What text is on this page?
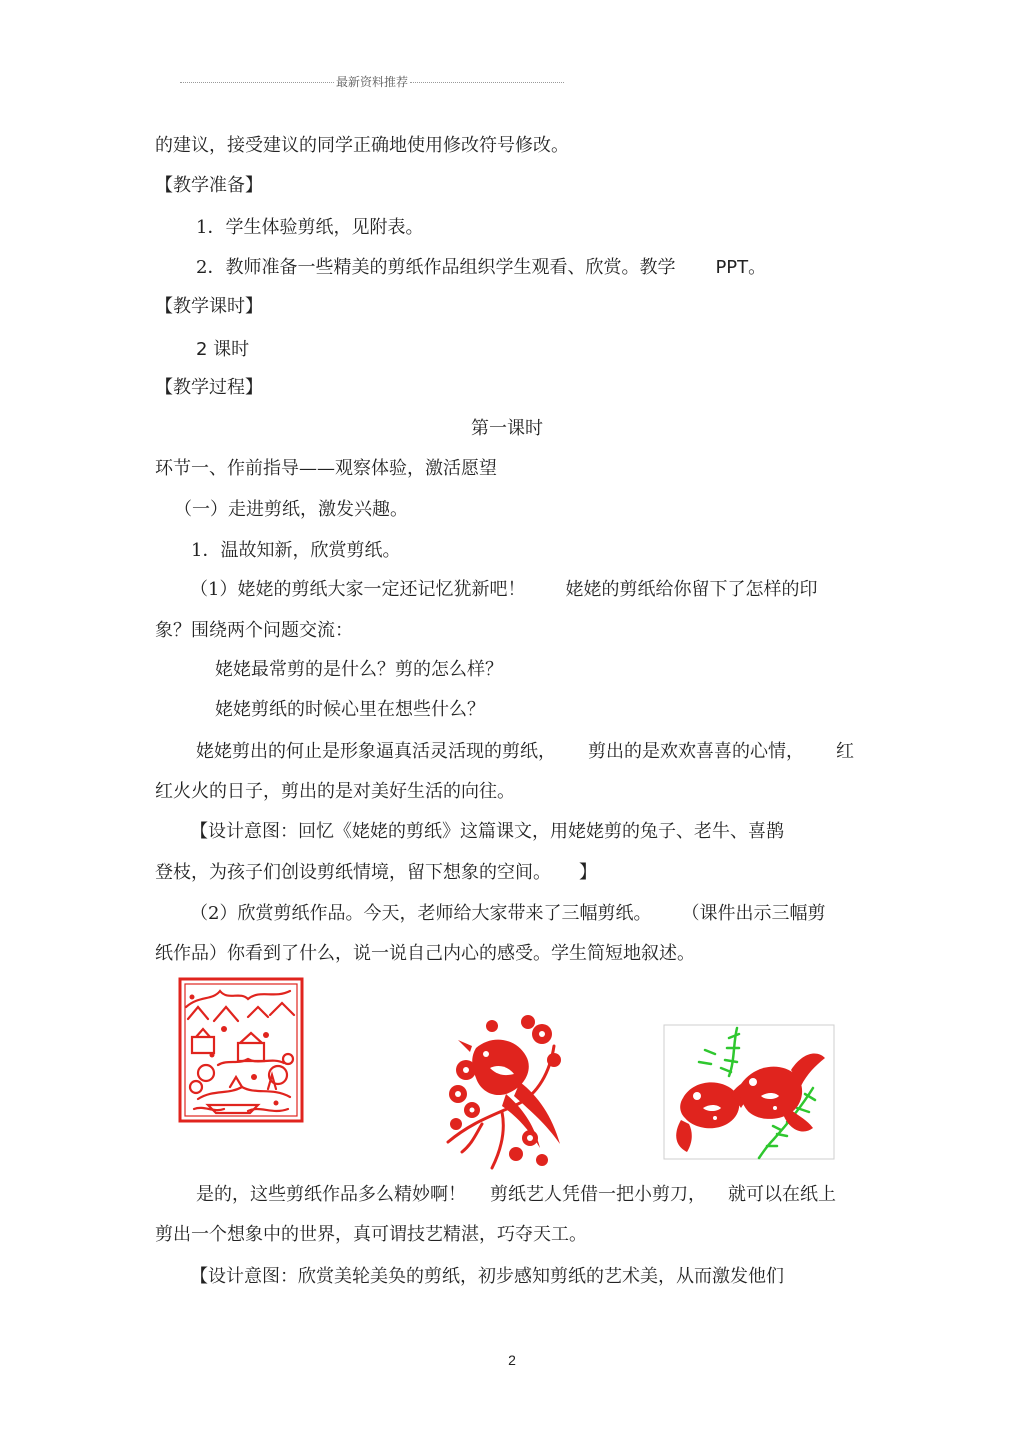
最新资料推荐
的建议，接受建议的同学正确地使用修改符号修改。
【教学准备】
1．学生体验剪纸，见附表。
2．教师准备一些精美的剪纸作品组织学生观看、欣赏。教学 PPT。
【教学课时】
2 课时
【教学过程】
第一课时
环节一、作前指导——观察体验，激活愿望
（一）走进剪纸，激发兴趣。
1．温故知新，欣赏剪纸。
（1）姥姥的剪纸大家一定还记忆犹新吧！ 姥姥的剪纸给你留下了怎样的印
象？围绕两个问题交流：
姥姥最常剪的是什么？剪的怎么样？
姥姥剪纸的时候心里在想些什么？
姥姥剪出的何止是形象逼真活灵活现的剪纸， 剪出的是欢欢喜喜的心情， 红
红火火的日子，剪出的是对美好生活的向往。
【设计意图：回忆《姥姥的剪纸》这篇课文，用姥姥剪的兔子、老牛、喜鹊
登枝，为孩子们创设剪纸情境，留下想象的空间。 】
（2）欣赏剪纸作品。今天，老师给大家带来了三幅剪纸。 （课件出示三幅剪
纸作品）你看到了什么，说一说自己内心的感受。学生简短地叙述。
是的，这些剪纸作品多么精妙啊！ 剪纸艺人凭借一把小剪刀， 就可以在纸上
剪出一个想象中的世界，真可谓技艺精湛，巧夺天工。
【设计意图：欣赏美轮美奂的剪纸，初步感知剪纸的艺术美，从而激发他们
2
